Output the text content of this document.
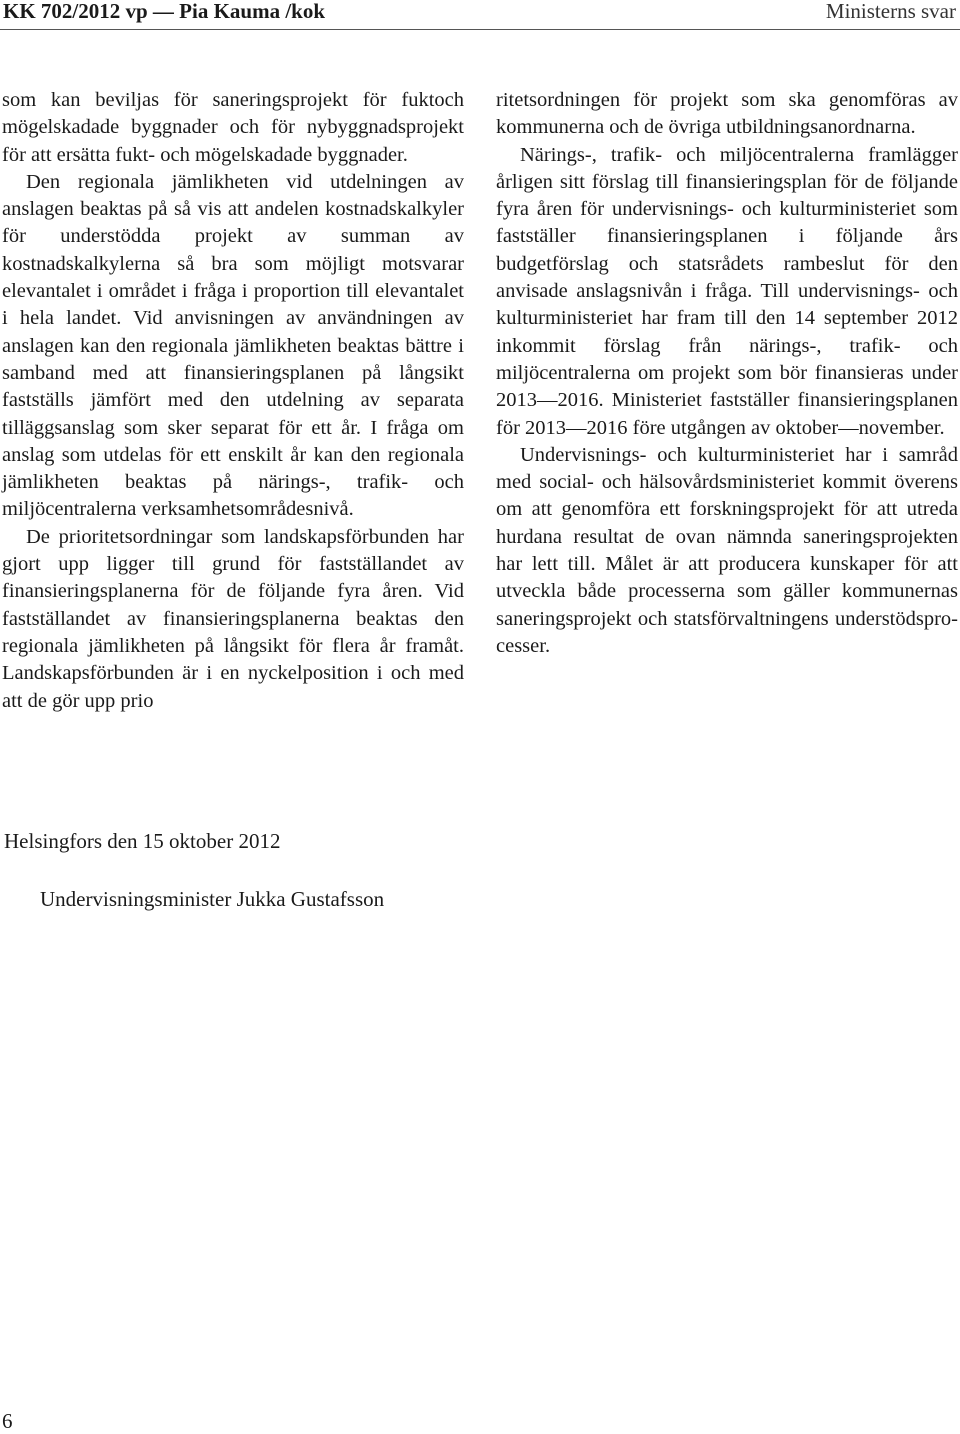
KK 702/2012 vp — Pia Kauma /kok	Ministerns svar

som kan beviljas för saneringsprojekt för fuktoch mögelskadade byggnader och för nybyggnadsprojekt för att ersätta fukt- och mögelskadade byggnader.

Den regionala jämlikheten vid utdelningen av anslagen beaktas på så vis att andelen kostnadskalkyler för understödda projekt av summan av kostnadskalkylerna så bra som möjligt motsvarar elevantalet i området i fråga i proportion till elevantalet i hela landet. Vid anvisningen av användningen av anslagen kan den regionala jämlikheten beaktas bättre i samband med att finansieringsplanen på långsikt fastställs jämfört med den utdelning av separata tilläggsanslag som sker separat för ett år. I fråga om anslag som utdelas för ett enskilt år kan den regionala jämlikheten beaktas på närings-, trafik- och miljöcentralerna verksamhetsområdesnivå.

De prioritetsordningar som landskapsförbunden har gjort upp ligger till grund för fastställandet av finansieringsplanerna för de följande fyra åren. Vid fastställandet av finansieringsplanerna beaktas den regionala jämlikheten på långsikt för flera år framåt. Landskapsförbunden är i en nyckelposition i och med att de gör upp prio

ritetsordningen för projekt som ska genomföras av kommunerna och de övriga utbildningsanordnarna.

Närings-, trafik- och miljöcentralerna framlägger årligen sitt förslag till finansieringsplan för de följande fyra åren för undervisnings- och kulturministeriet som fastställer finansieringsplanen i följande års budgetförslag och statsrådets rambeslut för den anvisade anslagsnivån i fråga. Till undervisnings- och kulturministeriet har fram till den 14 september 2012 inkommit förslag från närings-, trafik- och miljöcentralerna om projekt som bör finansieras under 2013—2016. Ministeriet fastställer finansieringsplanen för 2013—2016 före utgången av oktober—november.

Undervisnings- och kulturministeriet har i samråd med social- och hälsovårdsministeriet kommit överens om att genomföra ett forskningsprojekt för att utreda hurdana resultat de ovan nämnda saneringsprojekten har lett till. Målet är att producera kunskaper för att utveckla både processerna som gäller kommunernas saneringsprojekt och statsförvaltningens understödsprocesser.

Helsingfors den 15 oktober 2012
Undervisningsminister Jukka Gustafsson
6
